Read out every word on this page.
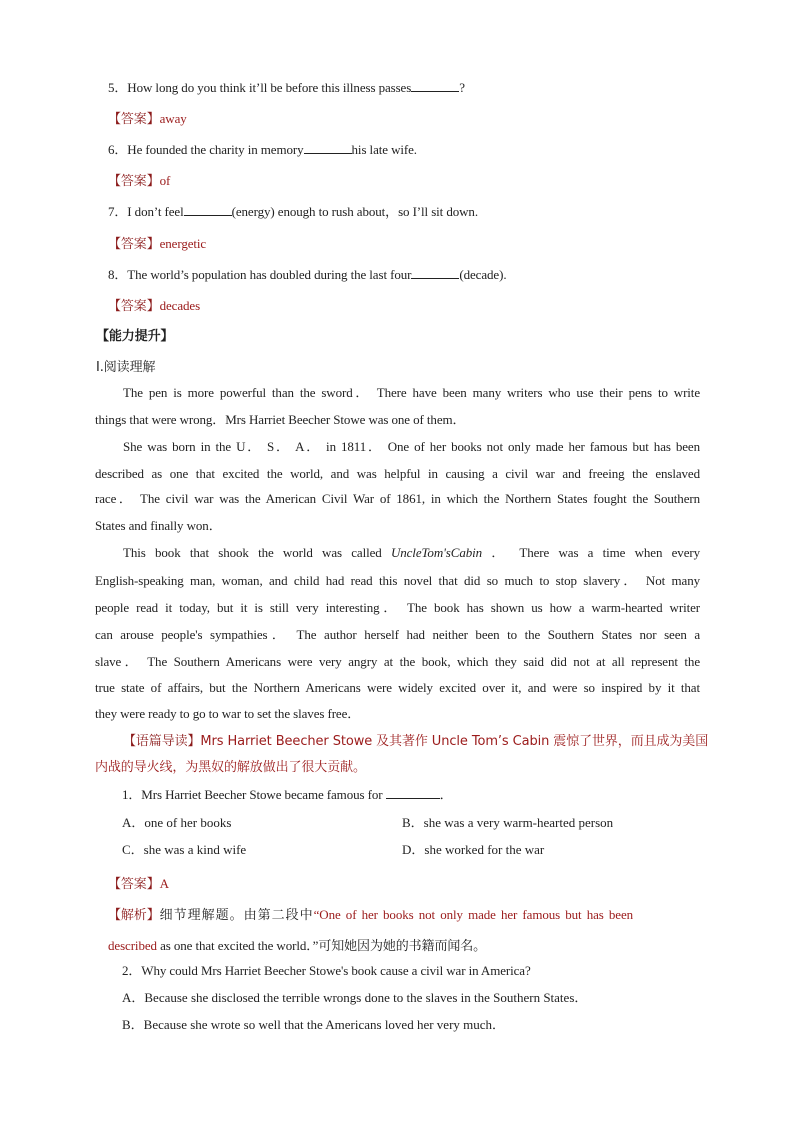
5．How long do you think it’ll be before this illness passes	?
【答案】away
6．He founded the charity in memory	his late wife.
【答案】of
7．I don’t feel	(energy) enough to rush about，so I’ll sit down.
【答案】energetic
8．The world’s population has doubled during the last four	(decade).
【答案】decades
【能力提升】
Ⅰ.阅读理解
The pen is more powerful than the sword． There have been many writers who use their pens to write
things that were wrong．Mrs Harriet Beecher Stowe was one of them．
She was born in the U． S． A． in 1811． One of her books not only made her famous but has been
described as one that excited the world, and was helpful in causing a civil war and freeing the enslaved
race． The civil war was the American Civil War of 1861, in which the Northern States fought the Southern
States and finally won．
This book that shook the world was called UncleTom'sCabin ． There was a time when every
English-speaking man, woman, and child had read this novel that did so much to stop slavery． Not many
people read it today, but it is still very interesting． The book has shown us how a warm-hearted writer
can arouse people's sympathies． The author herself had neither been to the Southern States nor seen a
slave． The Southern Americans were very angry at the book, which they said did not at all represent the
true state of affairs, but the Northern Americans were widely excited over it, and were so inspired by it that
they were ready to go to war to set the slaves free．
【语篇导读】Mrs Harriet Beecher Stowe 及其著作 Uncle Tom’s Cabin 震惊了世界，而且成为美国
内战的导火线，为黑奴的解放做出了很大贡献。
1．Mrs Harriet Beecher Stowe became famous for	．
A．one of her books	B．she was a very warm-hearted person
C．she was a kind wife	D．she worked for the war
【答案】A
【解析】细节理解题。由第二段中“One of her books not only made her famous but has been
described as one that excited the world．”可知她因为她的书籍而闻名。
2．Why could Mrs Harriet Beecher Stowe's book cause a civil war in America?
A．Because she disclosed the terrible wrongs done to the slaves in the Southern States．
B．Because she wrote so well that the Americans loved her very much．
